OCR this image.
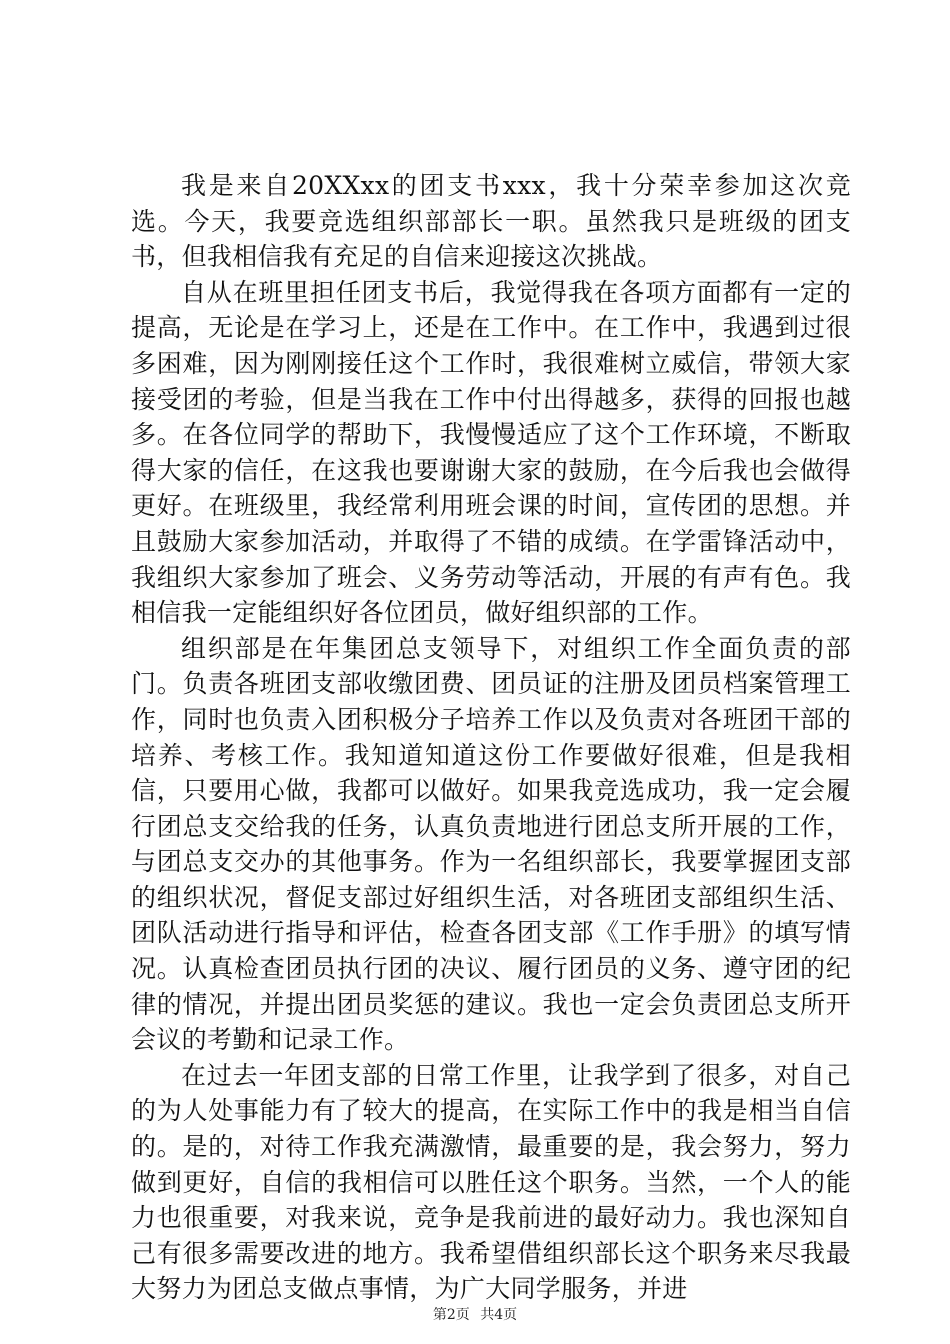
我是来自20XXxx的团支书xxx，我十分荣幸参加这次竞选。今天，我要竞选组织部部长一职。虽然我只是班级的团支书，但我相信我有充足的自信来迎接这次挑战。

自从在班里担任团支书后，我觉得我在各项方面都有一定的提高，无论是在学习上，还是在工作中。在工作中，我遇到过很多困难，因为刚刚接任这个工作时，我很难树立威信，带领大家接受团的考验，但是当我在工作中付出得越多，获得的回报也越多。在各位同学的帮助下，我慢慢适应了这个工作环境，不断取得大家的信任，在这我也要谢谢大家的鼓励，在今后我也会做得更好。在班级里，我经常利用班会课的时间，宣传团的思想。并且鼓励大家参加活动，并取得了不错的成绩。在学雷锋活动中，我组织大家参加了班会、义务劳动等活动，开展的有声有色。我相信我一定能组织好各位团员，做好组织部的工作。

组织部是在年集团总支领导下，对组织工作全面负责的部门。负责各班团支部收缴团费、团员证的注册及团员档案管理工作，同时也负责入团积极分子培养工作以及负责对各班团干部的培养、考核工作。我知道知道这份工作要做好很难，但是我相信，只要用心做，我都可以做好。如果我竞选成功，我一定会履行团总支交给我的任务，认真负责地进行团总支所开展的工作，与团总支交办的其他事务。作为一名组织部长，我要掌握团支部的组织状况，督促支部过好组织生活，对各班团支部组织生活、团队活动进行指导和评估，检查各团支部《工作手册》的填写情况。认真检查团员执行团的决议、履行团员的义务、遵守团的纪律的情况，并提出团员奖惩的建议。我也一定会负责团总支所开会议的考勤和记录工作。

在过去一年团支部的日常工作里，让我学到了很多，对自己的为人处事能力有了较大的提高，在实际工作中的我是相当自信的。是的，对待工作我充满激情，最重要的是，我会努力，努力做到更好，自信的我相信可以胜任这个职务。当然，一个人的能力也很重要，对我来说，竞争是我前进的最好动力。我也深知自己有很多需要改进的地方。我希望借组织部长这个职务来尽我最大努力为团总支做点事情，为广大同学服务，并进

第2页 共4页
